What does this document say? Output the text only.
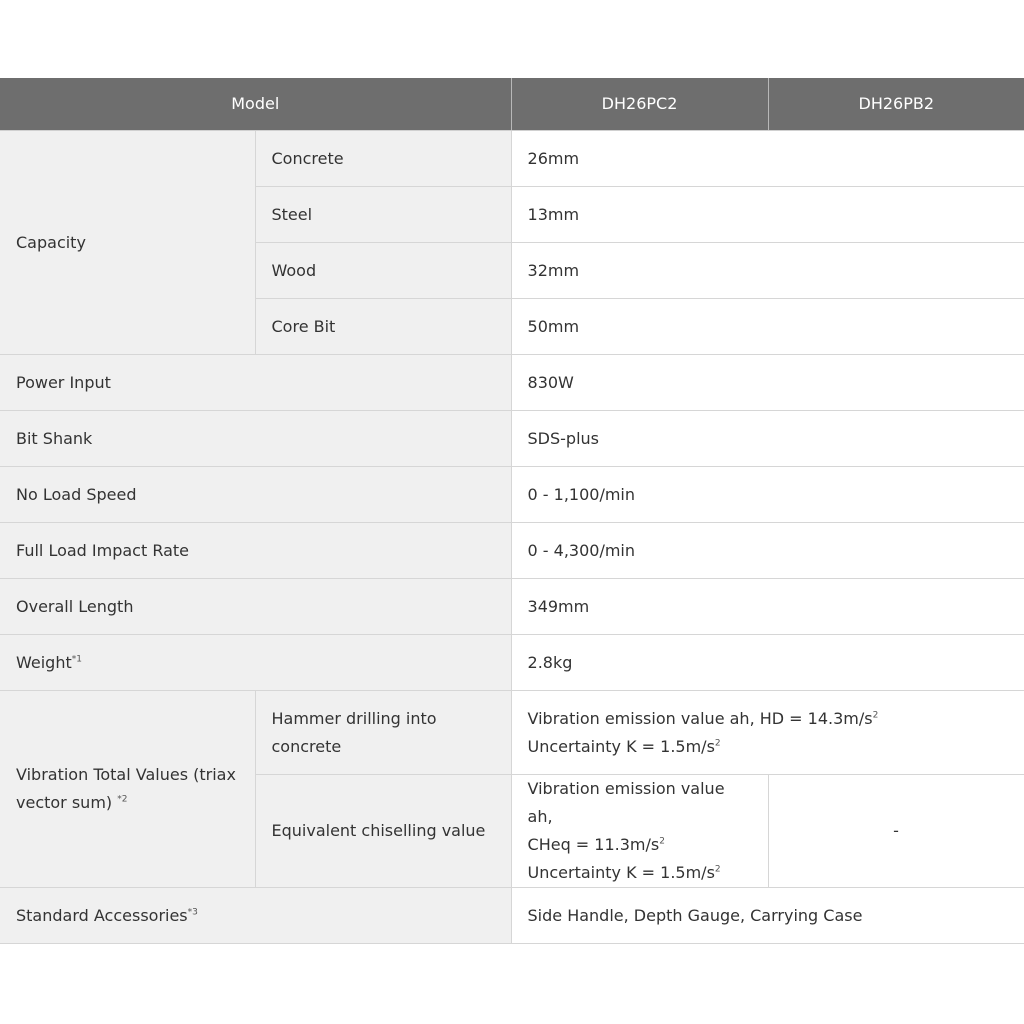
Model		DH26PC2	DH26PB2
Capacity	Concrete	26mm	
	Steel	13mm	
	Wood	32mm	
	Core Bit	50mm	
Power Input		830W	
Bit Shank		SDS-plus	
No Load Speed		0 - 1,100/min	
Full Load Impact Rate		0 - 4,300/min	
Overall Length		349mm	
Weight$^{*1}$		2.8kg	
Vibration Total Values (triax vector sum) $^{*2}$	Hammer drilling into concrete	Vibration emission value ah, HD = $14.3m/s^2$
Uncertainty $K = 1.5m/s^2$

	Equivalent chiselling value	Vibration emission value ah,
CHeq = $11.3m/s^2$
Uncertainty $K = 1.5m/s^2$	-
Standard Accessories$^{*3}$		Side Handle, Depth Gauge, Carrying Case	
